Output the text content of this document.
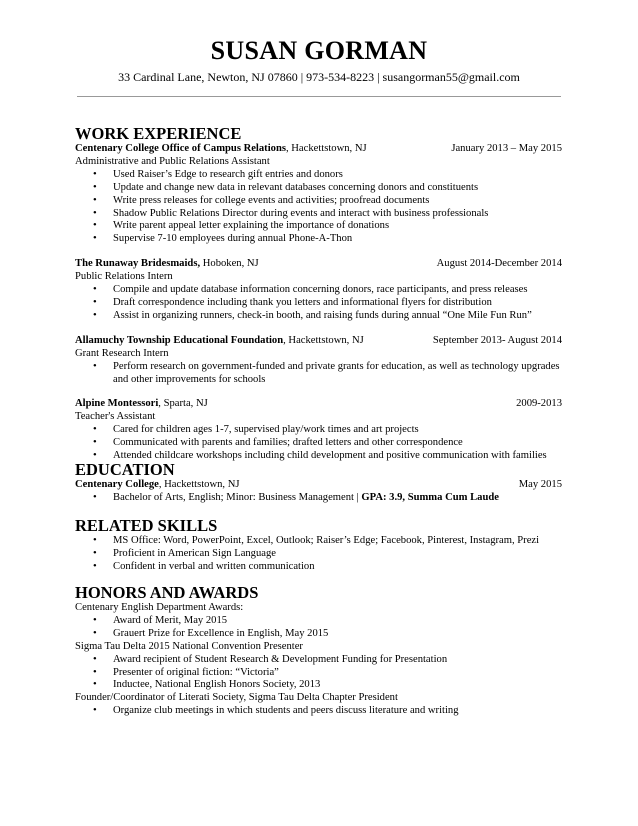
SUSAN GORMAN
33 Cardinal Lane, Newton, NJ 07860 | 973-534-8223 | susangorman55@gmail.com
WORK EXPERIENCE
Centenary College Office of Campus Relations, Hackettstown, NJ	January 2013 – May 2015
Administrative and Public Relations Assistant
•	Used Raiser’s Edge to research gift entries and donors
•	Update and change new data in relevant databases concerning donors and constituents
•	Write press releases for college events and activities; proofread documents
•	Shadow Public Relations Director during events and interact with business professionals
•	Write parent appeal letter explaining the importance of donations
•	Supervise 7-10 employees during annual Phone-A-Thon
The Runaway Bridesmaids, Hoboken, NJ	August 2014-December 2014
Public Relations Intern
•	Compile and update database information concerning donors, race participants, and press releases
•	Draft correspondence including thank you letters and informational flyers for distribution
•	Assist in organizing runners, check-in booth, and raising funds during annual “One Mile Fun Run”
Allamuchy Township Educational Foundation, Hackettstown, NJ	September 2013- August 2014
Grant Research Intern
•	Perform research on government-funded and private grants for education, as well as technology upgrades and other improvements for schools
Alpine Montessori, Sparta, NJ	2009-2013
Teacher's Assistant
•	Cared for children ages 1-7, supervised play/work times and art projects
•	Communicated with parents and families; drafted letters and other correspondence
•	Attended childcare workshops including child development and positive communication with families
EDUCATION
Centenary College, Hackettstown, NJ	May 2015
•	Bachelor of Arts, English; Minor: Business Management | GPA: 3.9, Summa Cum Laude
RELATED SKILLS
•	MS Office: Word, PowerPoint, Excel, Outlook; Raiser’s Edge; Facebook, Pinterest, Instagram, Prezi
•	Proficient in American Sign Language
•	Confident in verbal and written communication
HONORS AND AWARDS
Centenary English Department Awards:
•	Award of Merit, May 2015
•	Grauert Prize for Excellence in English, May 2015
Sigma Tau Delta 2015 National Convention Presenter
•	Award recipient of Student Research & Development Funding for Presentation
•	Presenter of original fiction: “Victoria”
•	Inductee, National English Honors Society, 2013
Founder/Coordinator of Literati Society, Sigma Tau Delta Chapter President
•	Organize club meetings in which students and peers discuss literature and writing
